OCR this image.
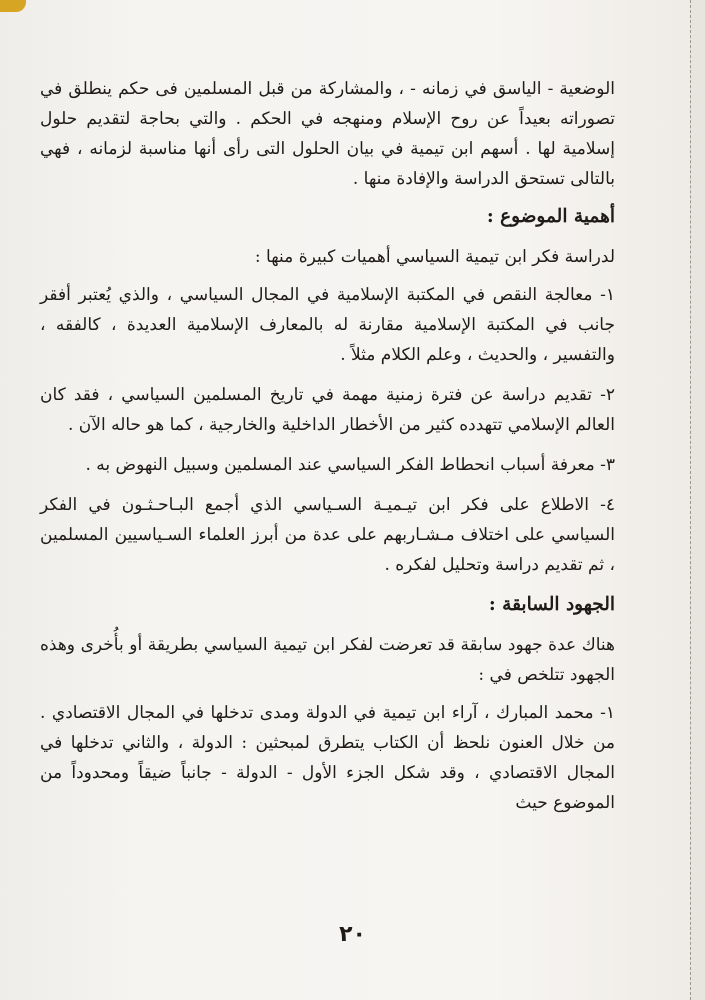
الوضعية - الياسق في زمانه - ، والمشاركة من قبل المسلمين فى حكم ينطلق في تصوراته بعيداً عن روح الإسلام ومنهجه في الحكم . والتي بحاجة لتقديم حلول إسلامية لها . أسهم ابن تيمية في بيان الحلول التى رأى أنها مناسبة لزمانه ، فهي بالتالى تستحق الدراسة والإفادة منها .

أهمية الموضوع :

لدراسة فكر ابن تيمية السياسي أهميات كبيرة منها :

١- معالجة النقص في المكتبة الإسلامية في المجال السياسي ، والذي يُعتبر أفقر جانب في المكتبة الإسلامية مقارنة له بالمعارف الإسلامية العديدة ، كالفقه ، والتفسير ، والحديث ، وعلم الكلام مثلاً .

٢- تقديم دراسة عن فترة زمنية مهمة في تاريخ المسلمين السياسي ، فقد كان العالم الإسلامي تتهدده كثير من الأخطار الداخلية والخارجية ، كما هو حاله الآن .

٣- معرفة أسباب انحطاط الفكر السياسي عند المسلمين وسبيل النهوض به .

٤- الاطلاع على فكر ابن تيـميـة السـياسي الذي أجمع البـاحـثـون في الفكر السياسي على اختلاف مـشـاربهم على عدة من أبرز العلماء السـياسيين المسلمين ، ثم تقديم دراسة وتحليل لفكره .

الجهود السابقة :

هناك عدة جهود سابقة قد تعرضت لفكر ابن تيمية السياسي بطريقة أو بأُخرى وهذه الجهود تتلخص في :

١- محمد المبارك ، آراء ابن تيمية في الدولة ومدى تدخلها في المجال الاقتصادي . من خلال العنون نلحظ أن الكتاب يتطرق لمبحثين : الدولة ، والثاني تدخلها في المجال الاقتصادي ، وقد شكل الجزء الأول - الدولة - جانباً ضيقاً ومحدوداً من الموضوع حيث

٢٠
